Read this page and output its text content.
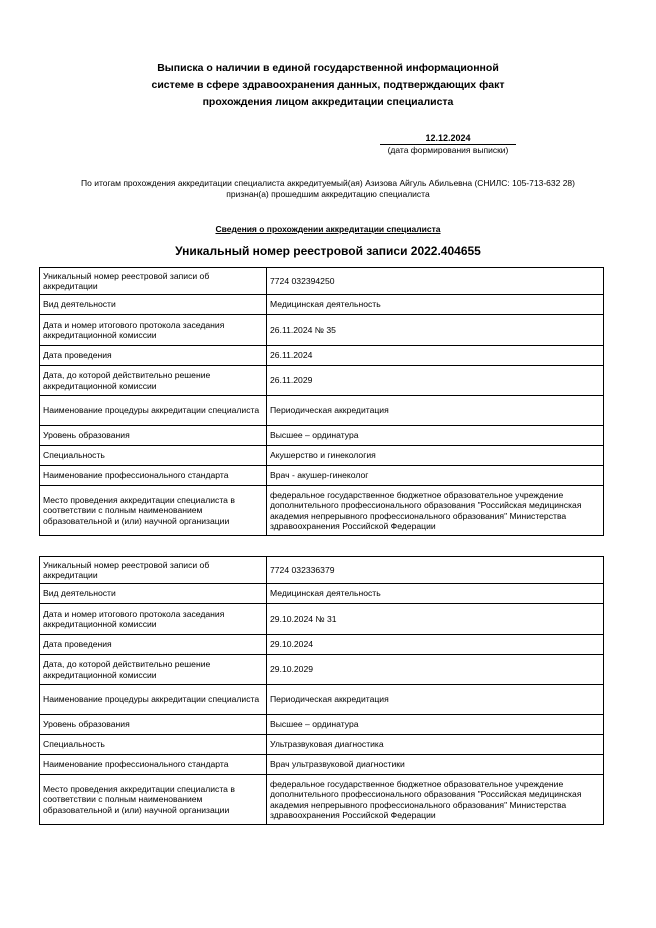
Выписка о наличии в единой государственной информационной
системе в сфере здравоохранения данных, подтверждающих факт
прохождения лицом аккредитации специалиста
12.12.2024
(дата формирования выписки)
По итогам прохождения аккредитации специалиста аккредитуемый(ая) Азизова Айгуль Абильевна (СНИЛС: 105-713-632 28)
признан(а) прошедшим аккредитацию специалиста
Сведения о прохождении аккредитации специалиста
Уникальный номер реестровой записи 2022.404655
Уникальный номер реестровой записи об аккредитации	7724 032394250
Вид деятельности	Медицинская деятельность
Дата и номер итогового протокола заседания аккредитационной комиссии	26.11.2024 № 35
Дата проведения	26.11.2024
Дата, до которой действительно решение аккредитационной комиссии	26.11.2029
Наименование процедуры аккредитации специалиста	Периодическая аккредитация
Уровень образования	Высшее – ординатура
Специальность	Акушерство и гинекология
Наименование профессионального стандарта	Врач - акушер-гинеколог
Место проведения аккредитации специалиста в соответствии с полным наименованием образовательной и (или) научной организации	федеральное государственное бюджетное образовательное учреждение дополнительного профессионального образования "Российская медицинская академия непрерывного профессионального образования" Министерства здравоохранения Российской Федерации
Уникальный номер реестровой записи об аккредитации	7724 032336379
Вид деятельности	Медицинская деятельность
Дата и номер итогового протокола заседания аккредитационной комиссии	29.10.2024 № 31
Дата проведения	29.10.2024
Дата, до которой действительно решение аккредитационной комиссии	29.10.2029
Наименование процедуры аккредитации специалиста	Периодическая аккредитация
Уровень образования	Высшее – ординатура
Специальность	Ультразвуковая диагностика
Наименование профессионального стандарта	Врач ультразвуковой диагностики
Место проведения аккредитации специалиста в соответствии с полным наименованием образовательной и (или) научной организации	федеральное государственное бюджетное образовательное учреждение дополнительного профессионального образования "Российская медицинская академия непрерывного профессионального образования" Министерства здравоохранения Российской Федерации
